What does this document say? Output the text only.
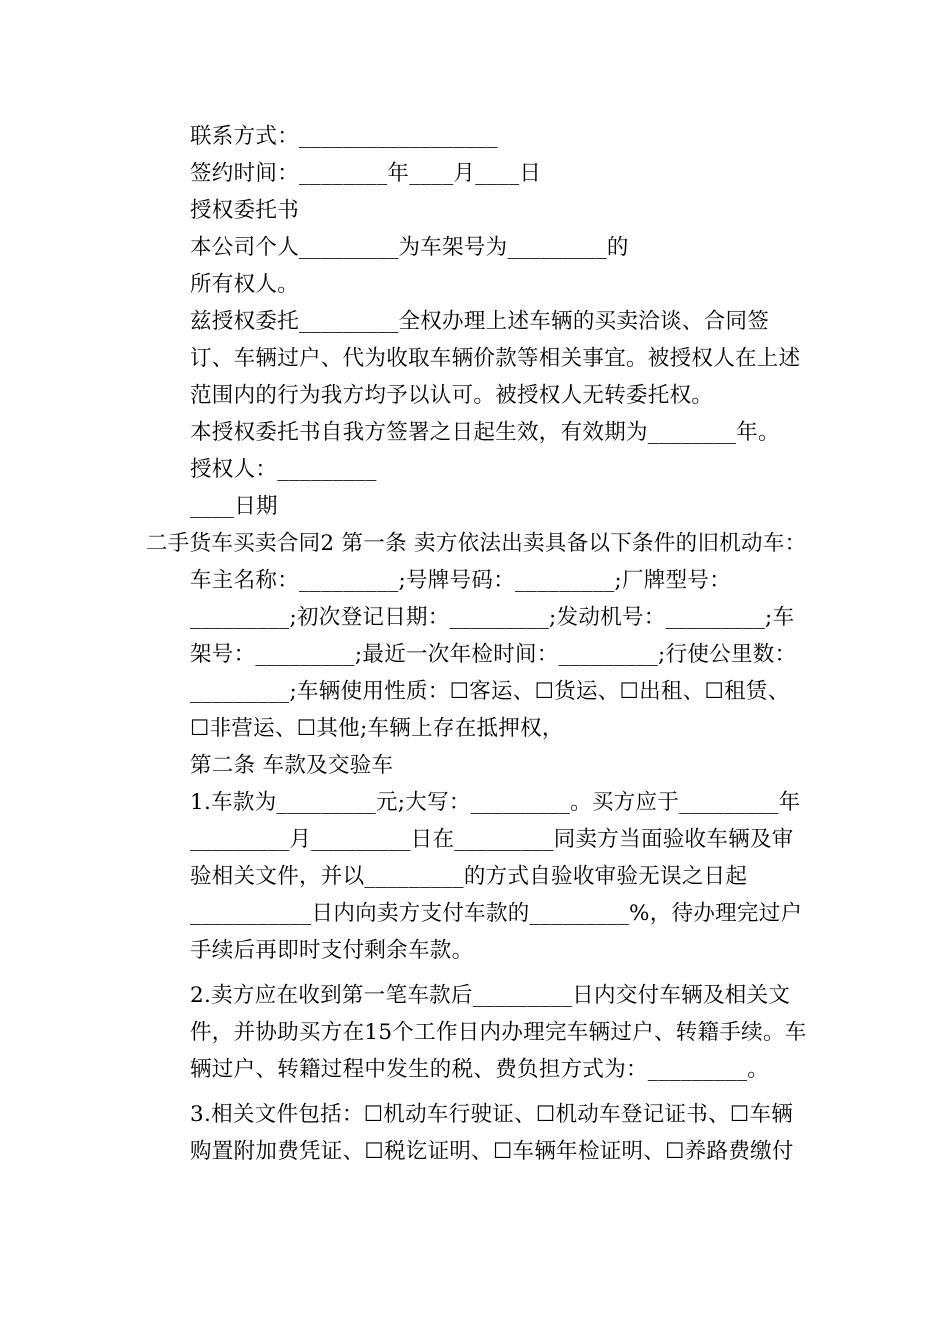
联系方式：__________________

签约时间：________年____月____日

授权委托书

本公司个人_________为车架号为_________的

所有权人。

兹授权委托_________全权办理上述车辆的买卖洽谈、合同签订、车辆过户、代为收取车辆价款等相关事宜。被授权人在上述范围内的行为我方均予以认可。被授权人无转委托权。

本授权委托书自我方签署之日起生效，有效期为________年。

授权人：_________

____日期

二手货车买卖合同2 第一条 卖方依法出卖具备以下条件的旧机动车：

车主名称：_________;号牌号码：_________;厂牌型号：_________;初次登记日期：_________;发动机号：_________;车架号：_________;最近一次年检时间：_________;行使公里数：_________;车辆使用性质：☐客运、☐货运、☐出租、☐租赁、☐非营运、☐其他;车辆上存在抵押权，

第二条 车款及交验车

1.车款为_________元;大写：_________。买方应于_________年_________月_________日在_________同卖方当面验收车辆及审验相关文件，并以_________的方式自验收审验无误之日起___________日内向卖方支付车款的_________%，待办理完过户手续后再即时支付剩余车款。

2.卖方应在收到第一笔车款后_________日内交付车辆及相关文件，并协助买方在15个工作日内办理完车辆过户、转籍手续。车辆过户、转籍过程中发生的税、费负担方式为：_________。

3.相关文件包括：☐机动车行驶证、☐机动车登记证书、☐车辆购置附加费凭证、☐税讫证明、☐车辆年检证明、☐养路费缴付
